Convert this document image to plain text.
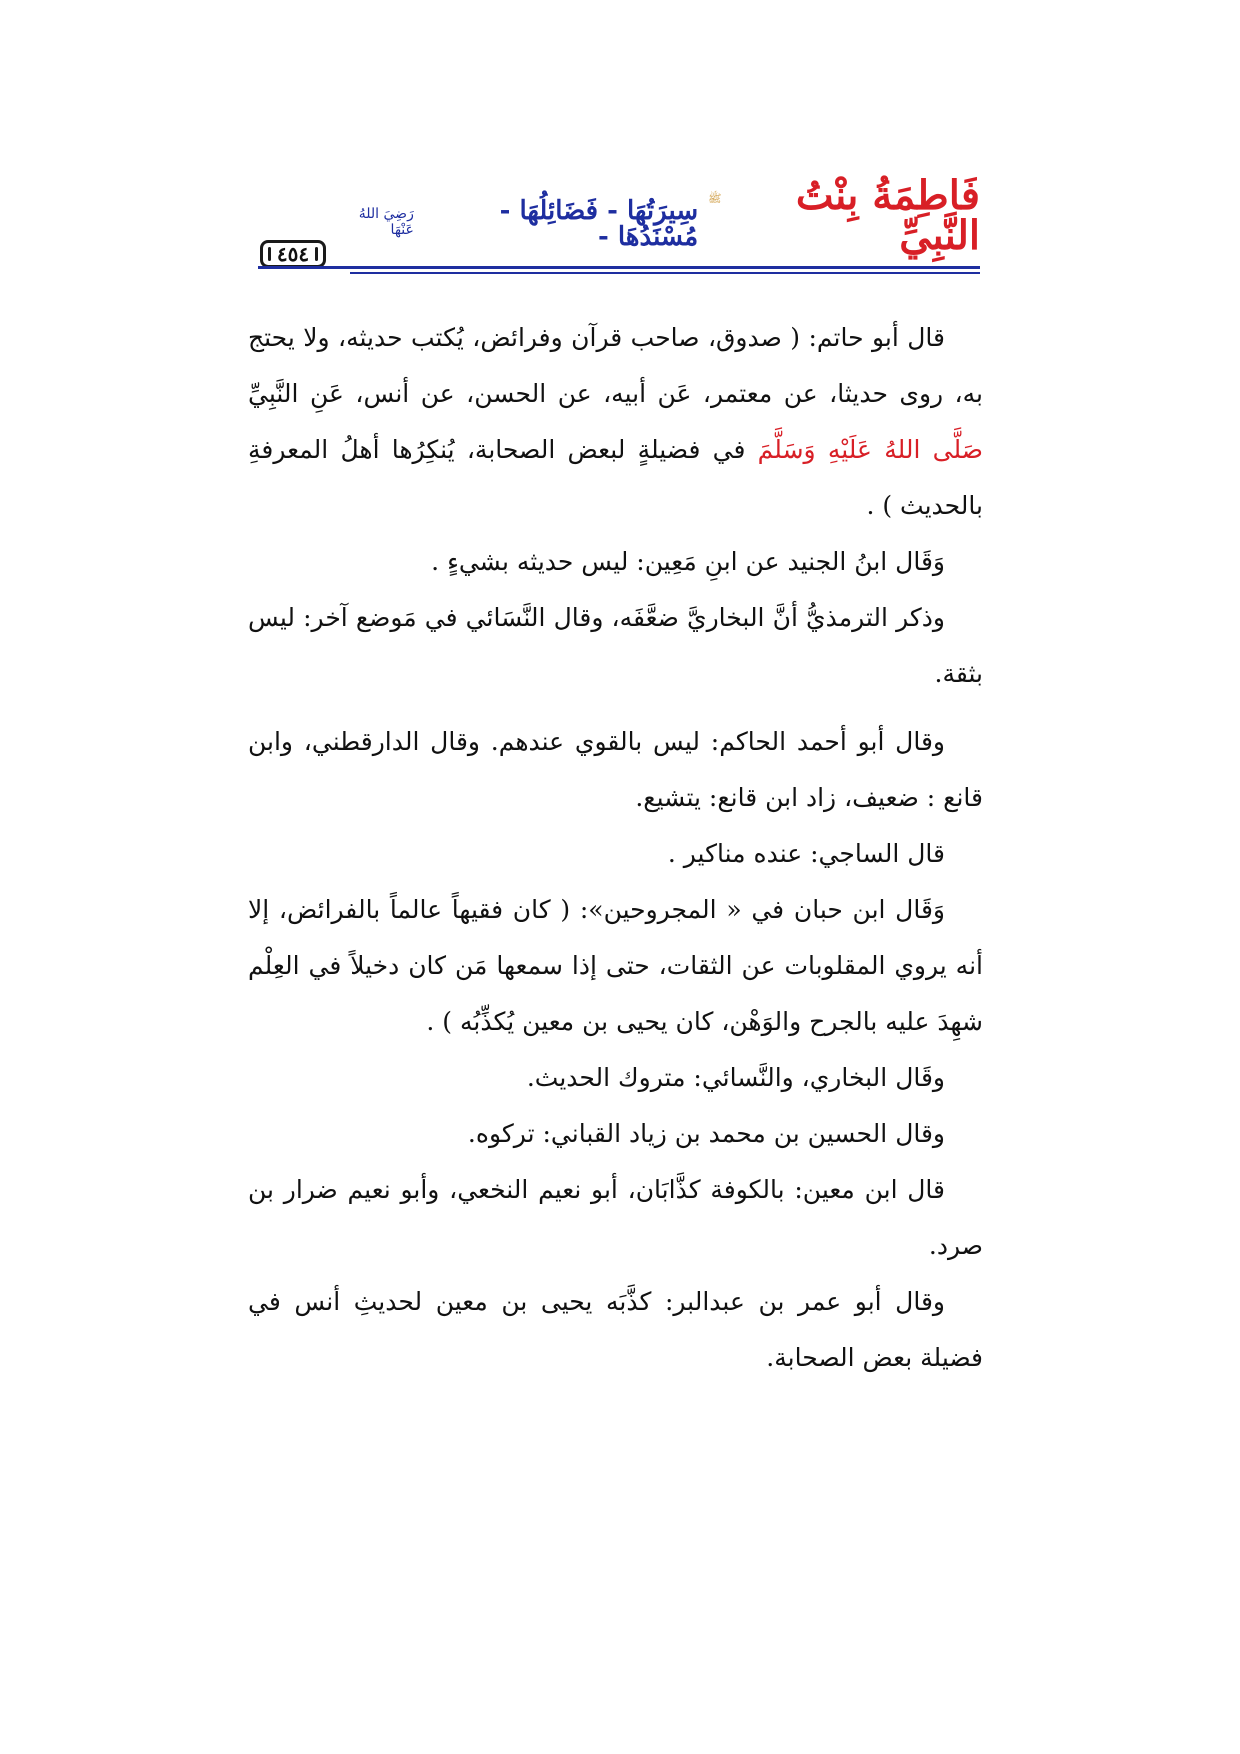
٤٥٤
فَاطِمَةُ بِنْتُ النَّبِيِّ
ﷺ
سِيرَتُهَا - فَضَائِلُهَا - مُسْنَدُهَا -
رَضِيَ اللهُ عَنْهَا

قال أبو حاتم: ( صدوق، صاحب قرآن وفرائض، يُكتب حديثه، ولا يحتج به، روى حديثا، عن معتمر، عَن أبيه، عن الحسن، عن أنس، عَنِ النَّبِيِّ صَلَّى اللهُ عَلَيْهِ وَسَلَّمَ في فضيلةٍ لبعض الصحابة، يُنكِرُها أهلُ المعرفةِ بالحديث ) .

وَقَال ابنُ الجنيد عن ابنِ مَعِين: ليس حديثه بشيءٍ .

وذكر الترمذيُّ أنَّ البخاريَّ ضعَّفَه، وقال النَّسَائي في مَوضع آخر: ليس بثقة.

وقال أبو أحمد الحاكم: ليس بالقوي عندهم. وقال الدارقطني، وابن قانع : ضعيف، زاد ابن قانع: يتشيع.

قال الساجي: عنده مناكير .

وَقَال ابن حبان في « المجروحين»: ( كان فقيهاً عالماً بالفرائض، إلا أنه يروي المقلوبات عن الثقات، حتى إذا سمعها مَن كان دخيلاً في العِلْم شهِدَ عليه بالجرح والوَهْن، كان يحيى بن معين يُكذِّبُه ) .

وقَال البخاري، والنَّسائي: متروك الحديث.

وقال الحسين بن محمد بن زياد القباني: تركوه.

قال ابن معين: بالكوفة كذَّابَان، أبو نعيم النخعي، وأبو نعيم ضرار بن صرد.

وقال أبو عمر بن عبدالبر: كذَّبَه يحيى بن معين لحديثِ أنس في فضيلة بعض الصحابة.
